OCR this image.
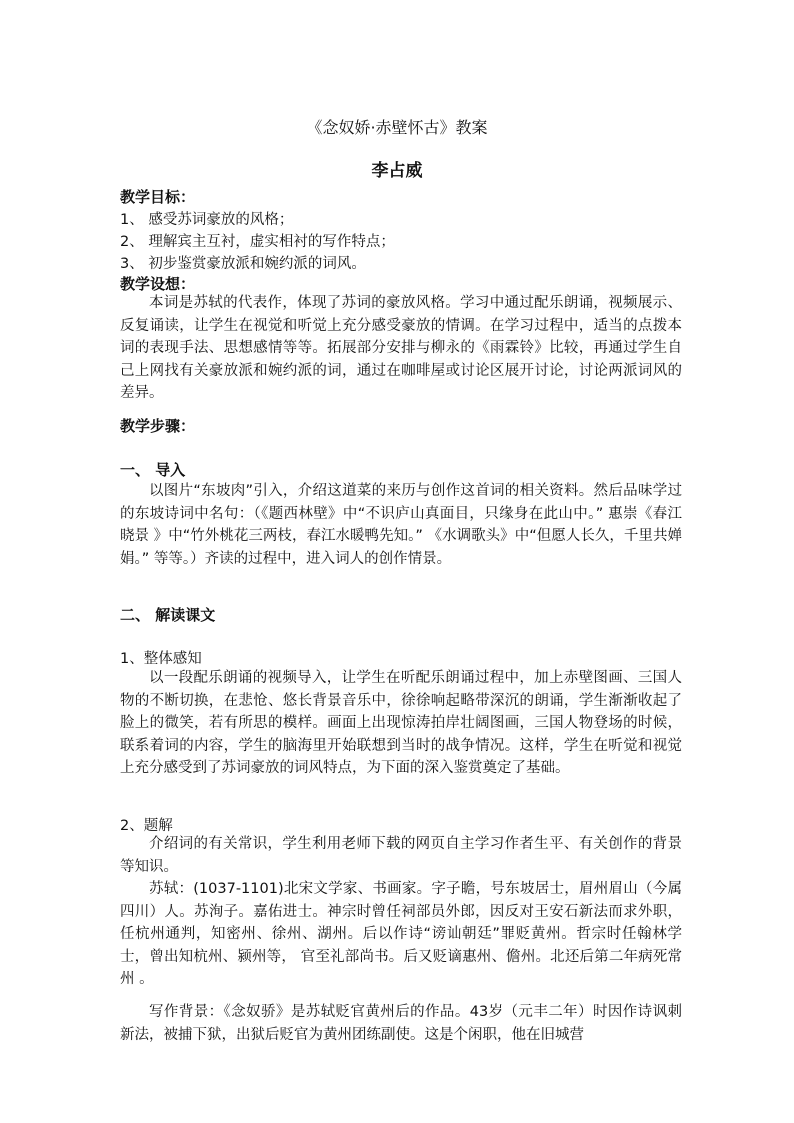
《念奴娇·赤壁怀古》教案
李占威
教学目标：
1、 感受苏词豪放的风格；
2、 理解宾主互衬，虚实相衬的写作特点；
3、 初步鉴赏豪放派和婉约派的词风。
教学设想：
本词是苏轼的代表作，体现了苏词的豪放风格。学习中通过配乐朗诵，视频展示、反复诵读，让学生在视觉和听觉上充分感受豪放的情调。在学习过程中，适当的点拨本词的表现手法、思想感情等等。拓展部分安排与柳永的《雨霖铃》比较，再通过学生自己上网找有关豪放派和婉约派的词，通过在咖啡屋或讨论区展开讨论，讨论两派词风的差异。
教学步骤：
一、 导入
以图片“东坡肉”引入，介绍这道菜的来历与创作这首词的相关资料。然后品味学过的东坡诗词中名句：（《题西林壁》中“不识庐山真面目，只缘身在此山中。” 惠崇《春江晓景 》中“竹外桃花三两枝，春江水暖鸭先知。” 《水调歌头》中“但愿人长久，千里共婵娟。” 等等。）齐读的过程中，进入词人的创作情景。
二、 解读课文
1、整体感知
以一段配乐朗诵的视频导入，让学生在听配乐朗诵过程中，加上赤壁图画、三国人物的不断切换，在悲怆、悠长背景音乐中，徐徐响起略带深沉的朗诵，学生渐渐收起了脸上的微笑，若有所思的模样。画面上出现惊涛拍岸壮阔图画，三国人物登场的时候，联系着词的内容，学生的脑海里开始联想到当时的战争情况。这样，学生在听觉和视觉上充分感受到了苏词豪放的词风特点，为下面的深入鉴赏奠定了基础。
2、题解
介绍词的有关常识，学生利用老师下载的网页自主学习作者生平、有关创作的背景等知识。
苏轼：(1037-1101)北宋文学家、书画家。字子瞻，号东坡居士，眉州眉山（今属四川）人。苏洵子。嘉佑进士。神宗时曾任祠部员外郎，因反对王安石新法而求外职，任杭州通判，知密州、徐州、湖州。后以作诗“谤讪朝廷”罪贬黄州。哲宗时任翰林学士，曾出知杭州、颍州等， 官至礼部尚书。后又贬谪惠州、儋州。北还后第二年病死常州 。
写作背景：《念奴骄》是苏轼贬官黄州后的作品。43岁（元丰二年）时因作诗讽刺新法，被捕下狱，出狱后贬官为黄州团练副使。这是个闲职，他在旧城营
